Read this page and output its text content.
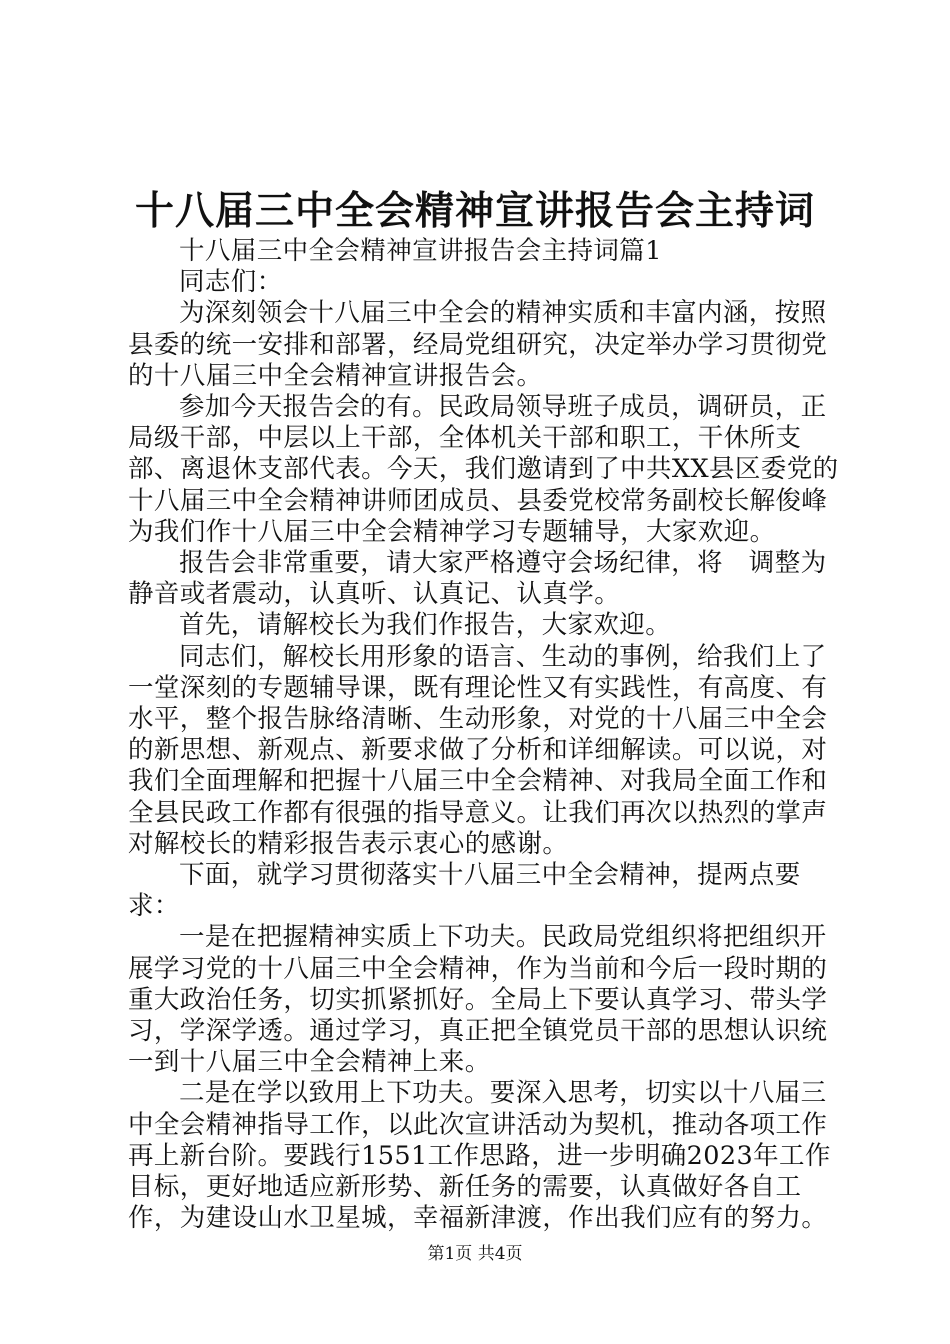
十八届三中全会精神宣讲报告会主持词

十八届三中全会精神宣讲报告会主持词篇1

同志们：

为深刻领会十八届三中全会的精神实质和丰富内涵，按照县委的统一安排和部署，经局党组研究，决定举办学习贯彻党的十八届三中全会精神宣讲报告会。

参加今天报告会的有。民政局领导班子成员，调研员，正局级干部，中层以上干部，全体机关干部和职工，干休所支部、离退休支部代表。今天，我们邀请到了中共XX县区委党的十八届三中全会精神讲师团成员、县委党校常务副校长解俊峰为我们作十八届三中全会精神学习专题辅导，大家欢迎。

报告会非常重要，请大家严格遵守会场纪律，将　调整为静音或者震动，认真听、认真记、认真学。

首先，请解校长为我们作报告，大家欢迎。

同志们，解校长用形象的语言、生动的事例，给我们上了一堂深刻的专题辅导课，既有理论性又有实践性，有高度、有水平，整个报告脉络清晰、生动形象，对党的十八届三中全会的新思想、新观点、新要求做了分析和详细解读。可以说，对我们全面理解和把握十八届三中全会精神、对我局全面工作和全县民政工作都有很强的指导意义。让我们再次以热烈的掌声对解校长的精彩报告表示衷心的感谢。

下面，就学习贯彻落实十八届三中全会精神，提两点要求：

一是在把握精神实质上下功夫。民政局党组织将把组织开展学习党的十八届三中全会精神，作为当前和今后一段时期的重大政治任务，切实抓紧抓好。全局上下要认真学习、带头学习，学深学透。通过学习，真正把全镇党员干部的思想认识统一到十八届三中全会精神上来。

二是在学以致用上下功夫。要深入思考，切实以十八届三中全会精神指导工作，以此次宣讲活动为契机，推动各项工作再上新台阶。要践行1551工作思路，进一步明确2023年工作目标，更好地适应新形势、新任务的需要，认真做好各自工作，为建设山水卫星城，幸福新津渡，作出我们应有的努力。

第1页 共4页
